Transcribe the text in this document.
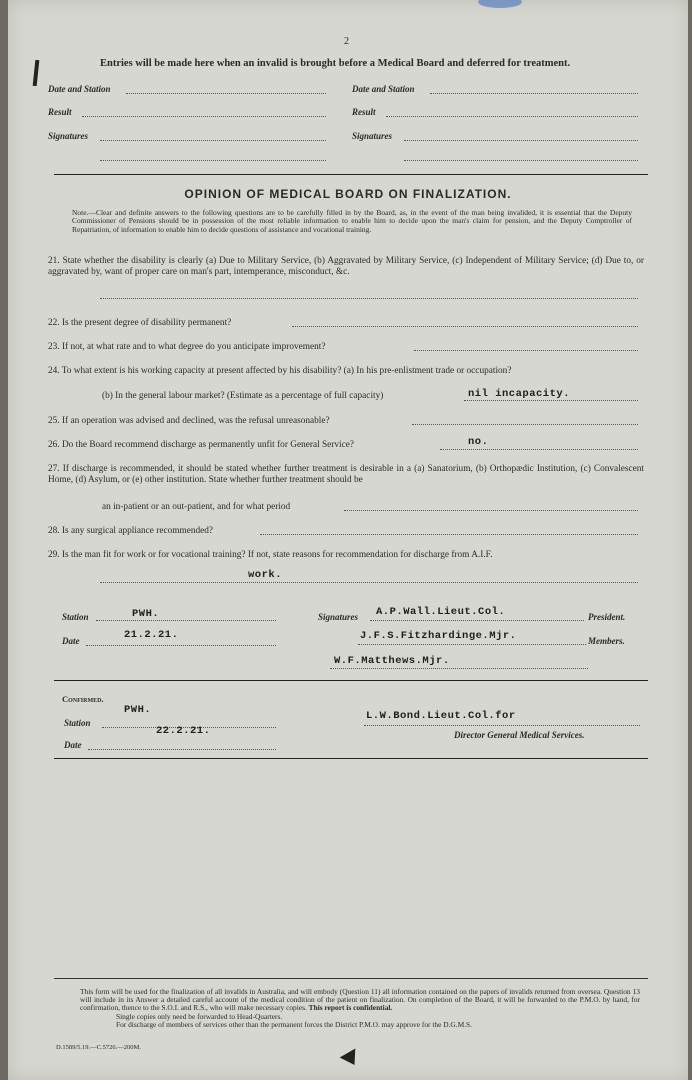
2
Entries will be made here when an invalid is brought before a Medical Board and deferred for treatment.
Date and Station
Result
Signatures
Date and Station
Result
Signatures
OPINION OF MEDICAL BOARD ON FINALIZATION.
Note.—Clear and definite answers to the following questions are to be carefully filled in by the Board, as, in the event of the man being invalided, it is essential that the Deputy Commissioner of Pensions should be in possession of the most reliable information to enable him to decide upon the man's claim for pension, and the Deputy Comptroller of Repatriation, of information to enable him to decide questions of assistance and vocational training.
21. State whether the disability is clearly (a) Due to Military Service, (b) Aggravated by Military Service, (c) Independent of Military Service; (d) Due to, or aggravated by, want of proper care on man's part, intemperance, misconduct, &c.
22. Is the present degree of disability permanent?
23. If not, at what rate and to what degree do you anticipate improvement?
24. To what extent is his working capacity at present affected by his disability? (a) In his pre-enlistment trade or occupation?
(b) In the general labour market? (Estimate as a percentage of full capacity)	nil incapacity.
25. If an operation was advised and declined, was the refusal unreasonable?
26. Do the Board recommend discharge as permanently unfit for General Service?	no.
27. If discharge is recommended, it should be stated whether further treatment is desirable in a (a) Sanatorium, (b) Orthopædic Institution, (c) Convalescent Home, (d) Asylum, or (e) other institution. State whether further treatment should be
an in-patient or an out-patient, and for what period
28. Is any surgical appliance recommended?
29. Is the man fit for work or for vocational training? If not, state reasons for recommendation for discharge from A.I.F.
work.
Station	PWH.
Date	21.2.21.
Signatures A.P.Wall.Lieut.Col.	President.
J.F.S.Fitzhardinge.Mjr.	Members.
W.F.Matthews.Mjr.
Confirmed.
PWH.
Station
22.2.21.
Date
L.W.Bond.Lieut.Col.for
Director General Medical Services.
This form will be used for the finalization of all invalids in Australia, and will embody (Question 11) all information contained on the papers of invalids returned from oversea. Question 13 will include in its Answer a detailed careful account of the medical condition of the patient on finalization. On completion of the Board, it will be forwarded to the P.M.O. by hand, for confirmation, thence to the S.O.I. and R.S., who will make necessary copies. This report is confidential.
Single copies only need be forwarded to Head-Quarters.
For discharge of members of services other than the permanent forces the District P.M.O. may approve for the D.G.M.S.
D.1589/5.19.—C.5726.—200M.
